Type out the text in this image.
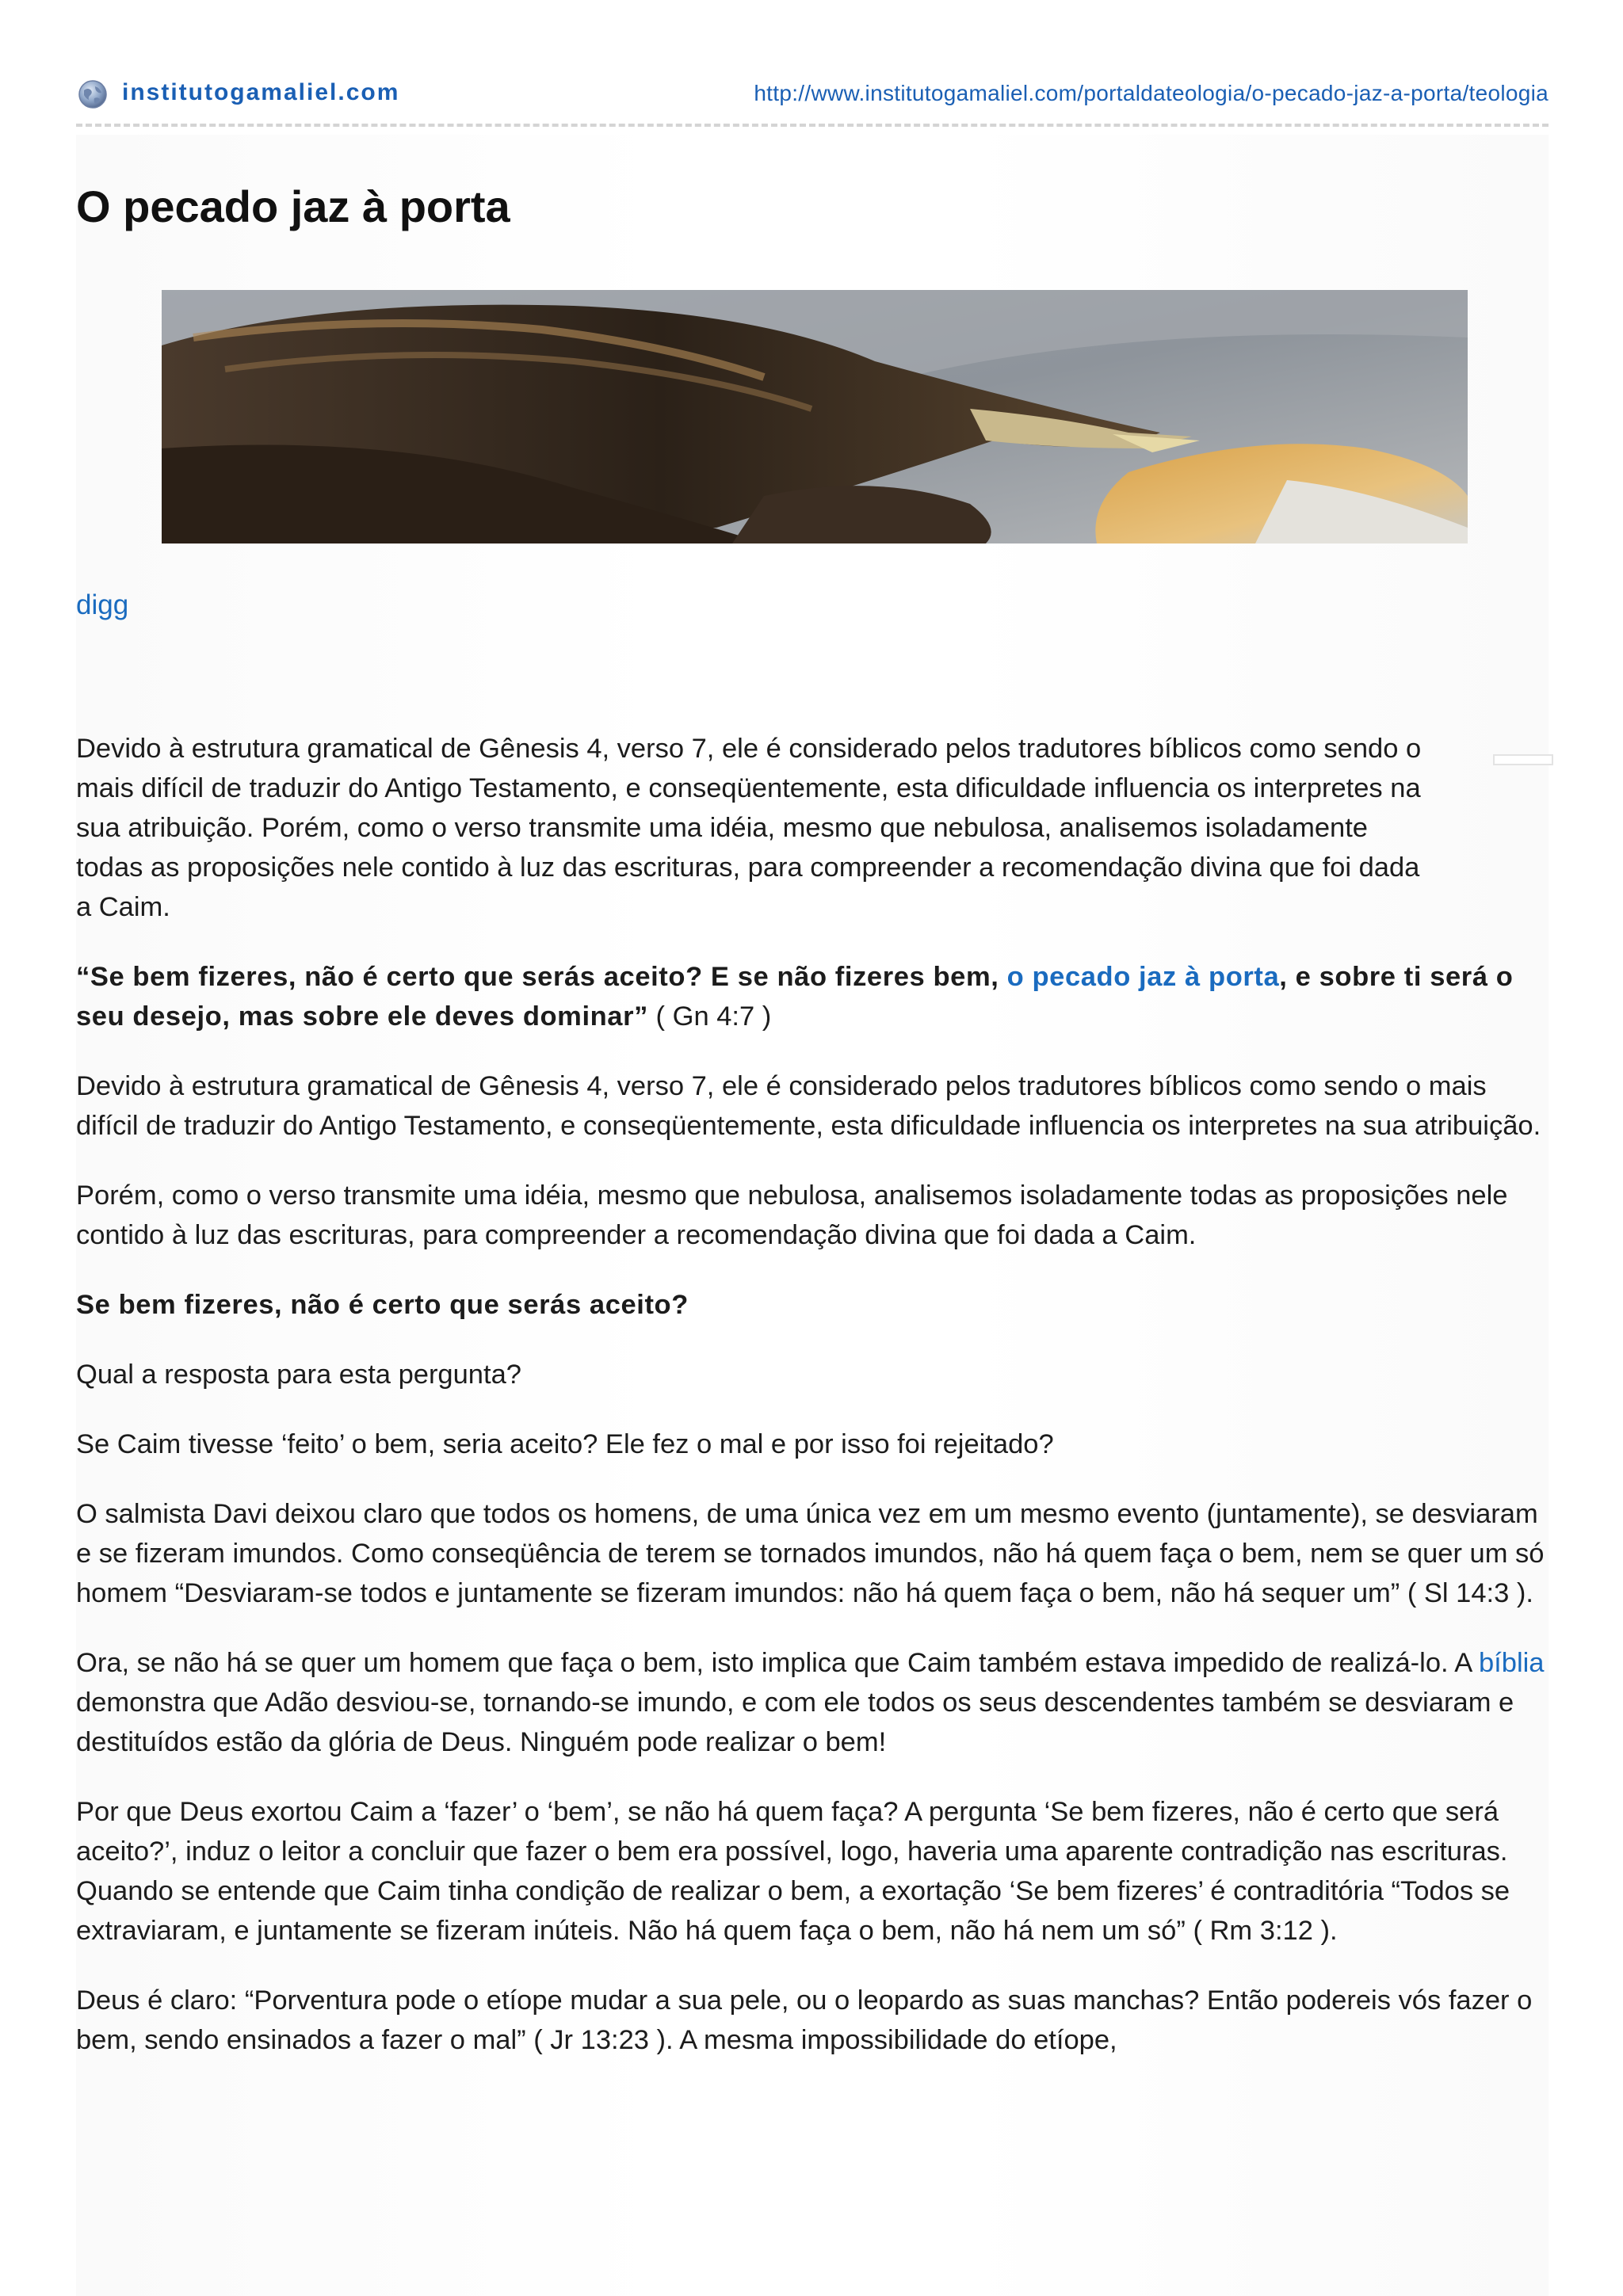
institutogamaliel.com	http://www.institutogamaliel.com/portaldateologia/o-pecado-jaz-a-porta/teologia
O pecado jaz à porta
digg

Devido à estrutura gramatical de Gênesis 4, verso 7, ele é considerado pelos tradutores bíblicos como sendo o mais difícil de traduzir do Antigo Testamento, e conseqüentemente, esta dificuldade influencia os interpretes na sua atribuição. Porém, como o verso transmite uma idéia, mesmo que nebulosa, analisemos isoladamente todas as proposições nele contido à luz das escrituras, para compreender a recomendação divina que foi dada a Caim.

“Se bem fizeres, não é certo que serás aceito? E se não fizeres bem, o pecado jaz à porta, e sobre ti será o seu desejo, mas sobre ele deves dominar” ( Gn 4:7 )

Devido à estrutura gramatical de Gênesis 4, verso 7, ele é considerado pelos tradutores bíblicos como sendo o mais difícil de traduzir do Antigo Testamento, e conseqüentemente, esta dificuldade influencia os interpretes na sua atribuição.

Porém, como o verso transmite uma idéia, mesmo que nebulosa, analisemos isoladamente todas as proposições nele contido à luz das escrituras, para compreender a recomendação divina que foi dada a Caim.

Se bem fizeres, não é certo que serás aceito?

Qual a resposta para esta pergunta?

Se Caim tivesse ‘feito’ o bem, seria aceito? Ele fez o mal e por isso foi rejeitado?

O salmista Davi deixou claro que todos os homens, de uma única vez em um mesmo evento (juntamente), se desviaram e se fizeram imundos. Como conseqüência de terem se tornados imundos, não há quem faça o bem, nem se quer um só homem “Desviaram-se todos e juntamente se fizeram imundos: não há quem faça o bem, não há sequer um” ( Sl 14:3 ).

Ora, se não há se quer um homem que faça o bem, isto implica que Caim também estava impedido de realizá-lo. A bíblia demonstra que Adão desviou-se, tornando-se imundo, e com ele todos os seus descendentes também se desviaram e destituídos estão da glória de Deus. Ninguém pode realizar o bem!

Por que Deus exortou Caim a ‘fazer’ o ‘bem’, se não há quem faça? A pergunta ‘Se bem fizeres, não é certo que será aceito?’, induz o leitor a concluir que fazer o bem era possível, logo, haveria uma aparente contradição nas escrituras. Quando se entende que Caim tinha condição de realizar o bem, a exortação ‘Se bem fizeres’ é contraditória “Todos se extraviaram, e juntamente se fizeram inúteis. Não há quem faça o bem, não há nem um só” ( Rm 3:12 ).

Deus é claro: “Porventura pode o etíope mudar a sua pele, ou o leopardo as suas manchas? Então podereis vós fazer o bem, sendo ensinados a fazer o mal” ( Jr 13:23 ). A mesma impossibilidade do etíope,
